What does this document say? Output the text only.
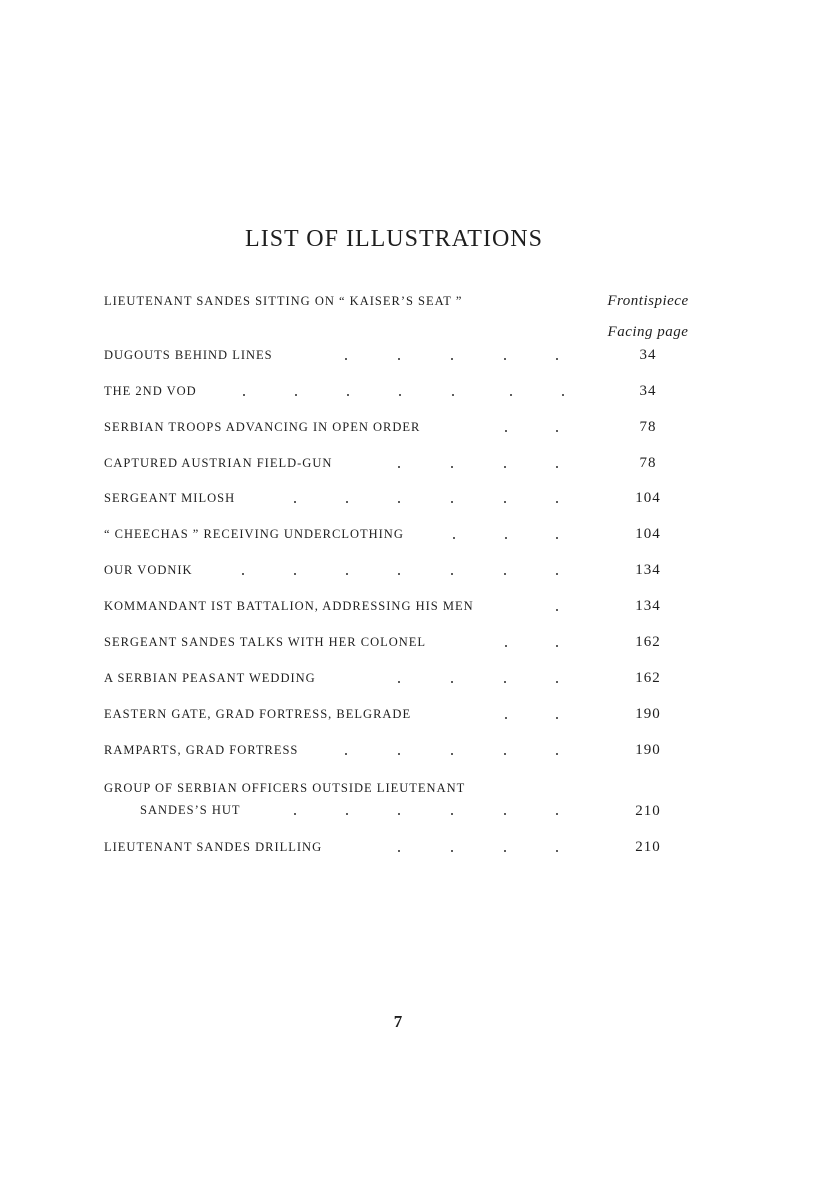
LIST OF ILLUSTRATIONS
LIEUTENANT SANDES SITTING ON “ KAISER’S SEAT ”	Frontispiece
Facing page
DUGOUTS BEHIND LINES	34
THE 2ND VOD	34
SERBIAN TROOPS ADVANCING IN OPEN ORDER	78
CAPTURED AUSTRIAN FIELD-GUN	78
SERGEANT MILOSH	104
“ CHEECHAS ” RECEIVING UNDERCLOTHING	104
OUR VODNIK	134
KOMMANDANT IST BATTALION, ADDRESSING HIS MEN	134
SERGEANT SANDES TALKS WITH HER COLONEL	162
A SERBIAN PEASANT WEDDING	162
EASTERN GATE, GRAD FORTRESS, BELGRADE	190
RAMPARTS, GRAD FORTRESS	190
GROUP OF SERBIAN OFFICERS OUTSIDE LIEUTENANT
SANDES’S HUT	210
LIEUTENANT SANDES DRILLING	210
7
